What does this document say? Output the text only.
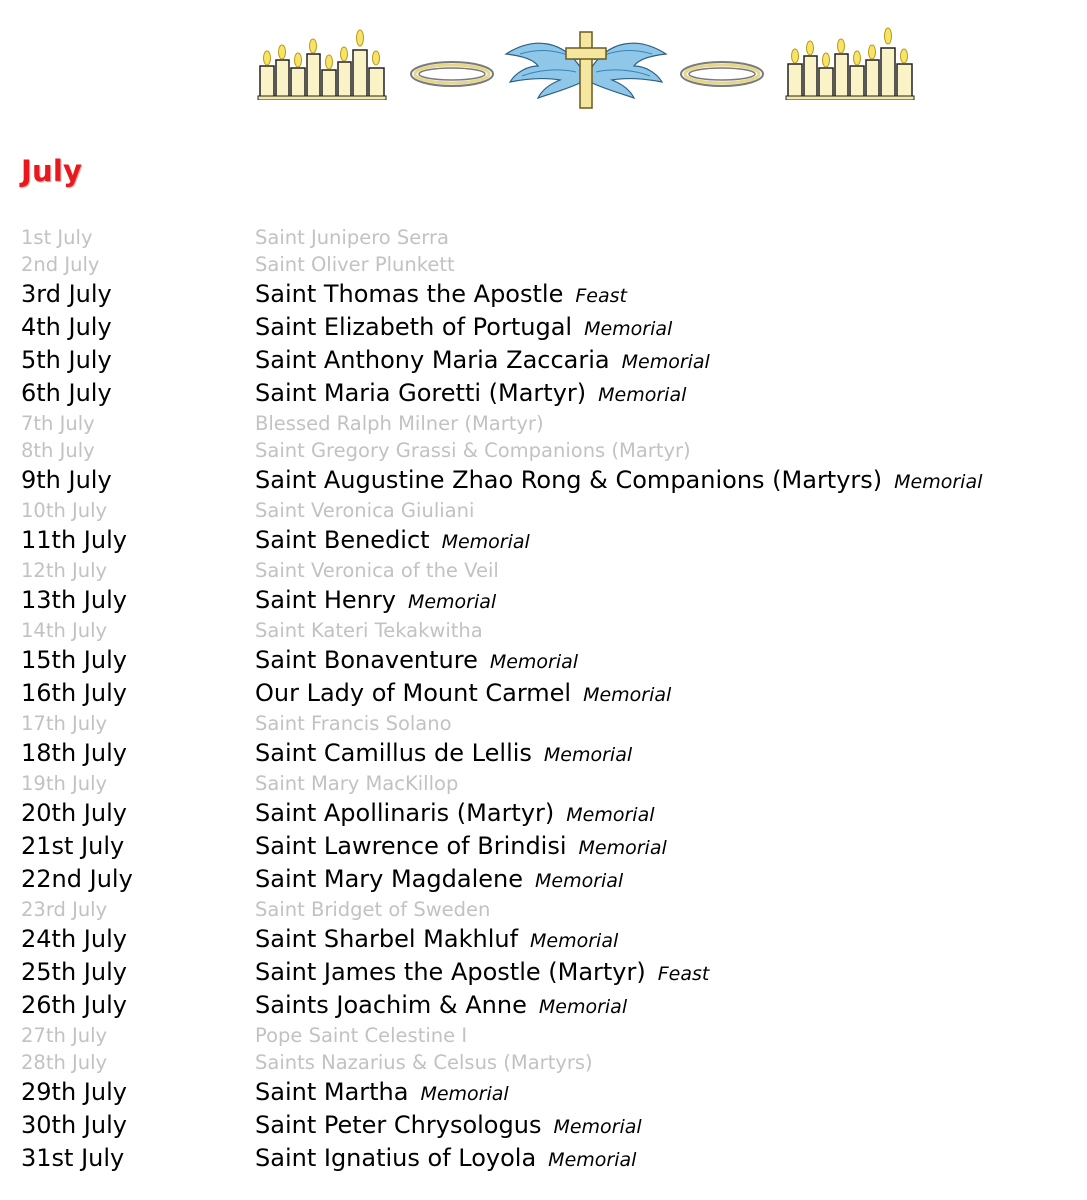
July
1st July	Saint Junipero Serra
2nd July	Saint Oliver Plunkett
3rd July	Saint Thomas the Apostle Feast
4th July	Saint Elizabeth of Portugal Memorial
5th July	Saint Anthony Maria Zaccaria Memorial
6th July	Saint Maria Goretti (Martyr) Memorial
7th July	Blessed Ralph Milner (Martyr)
8th July	Saint Gregory Grassi & Companions (Martyr)
9th July	Saint Augustine Zhao Rong & Companions (Martyrs) Memorial
10th July	Saint Veronica Giuliani
11th July	Saint Benedict Memorial
12th July	Saint Veronica of the Veil
13th July	Saint Henry Memorial
14th July	Saint Kateri Tekakwitha
15th July	Saint Bonaventure Memorial
16th July	Our Lady of Mount Carmel Memorial
17th July	Saint Francis Solano
18th July	Saint Camillus de Lellis Memorial
19th July	Saint Mary MacKillop
20th July	Saint Apollinaris (Martyr) Memorial
21st July	Saint Lawrence of Brindisi Memorial
22nd July	Saint Mary Magdalene Memorial
23rd July	Saint Bridget of Sweden
24th July	Saint Sharbel Makhluf Memorial
25th July	Saint James the Apostle (Martyr) Feast
26th July	Saints Joachim & Anne Memorial
27th July	Pope Saint Celestine I
28th July	Saints Nazarius & Celsus (Martyrs)
29th July	Saint Martha Memorial
30th July	Saint Peter Chrysologus Memorial
31st July	Saint Ignatius of Loyola Memorial
